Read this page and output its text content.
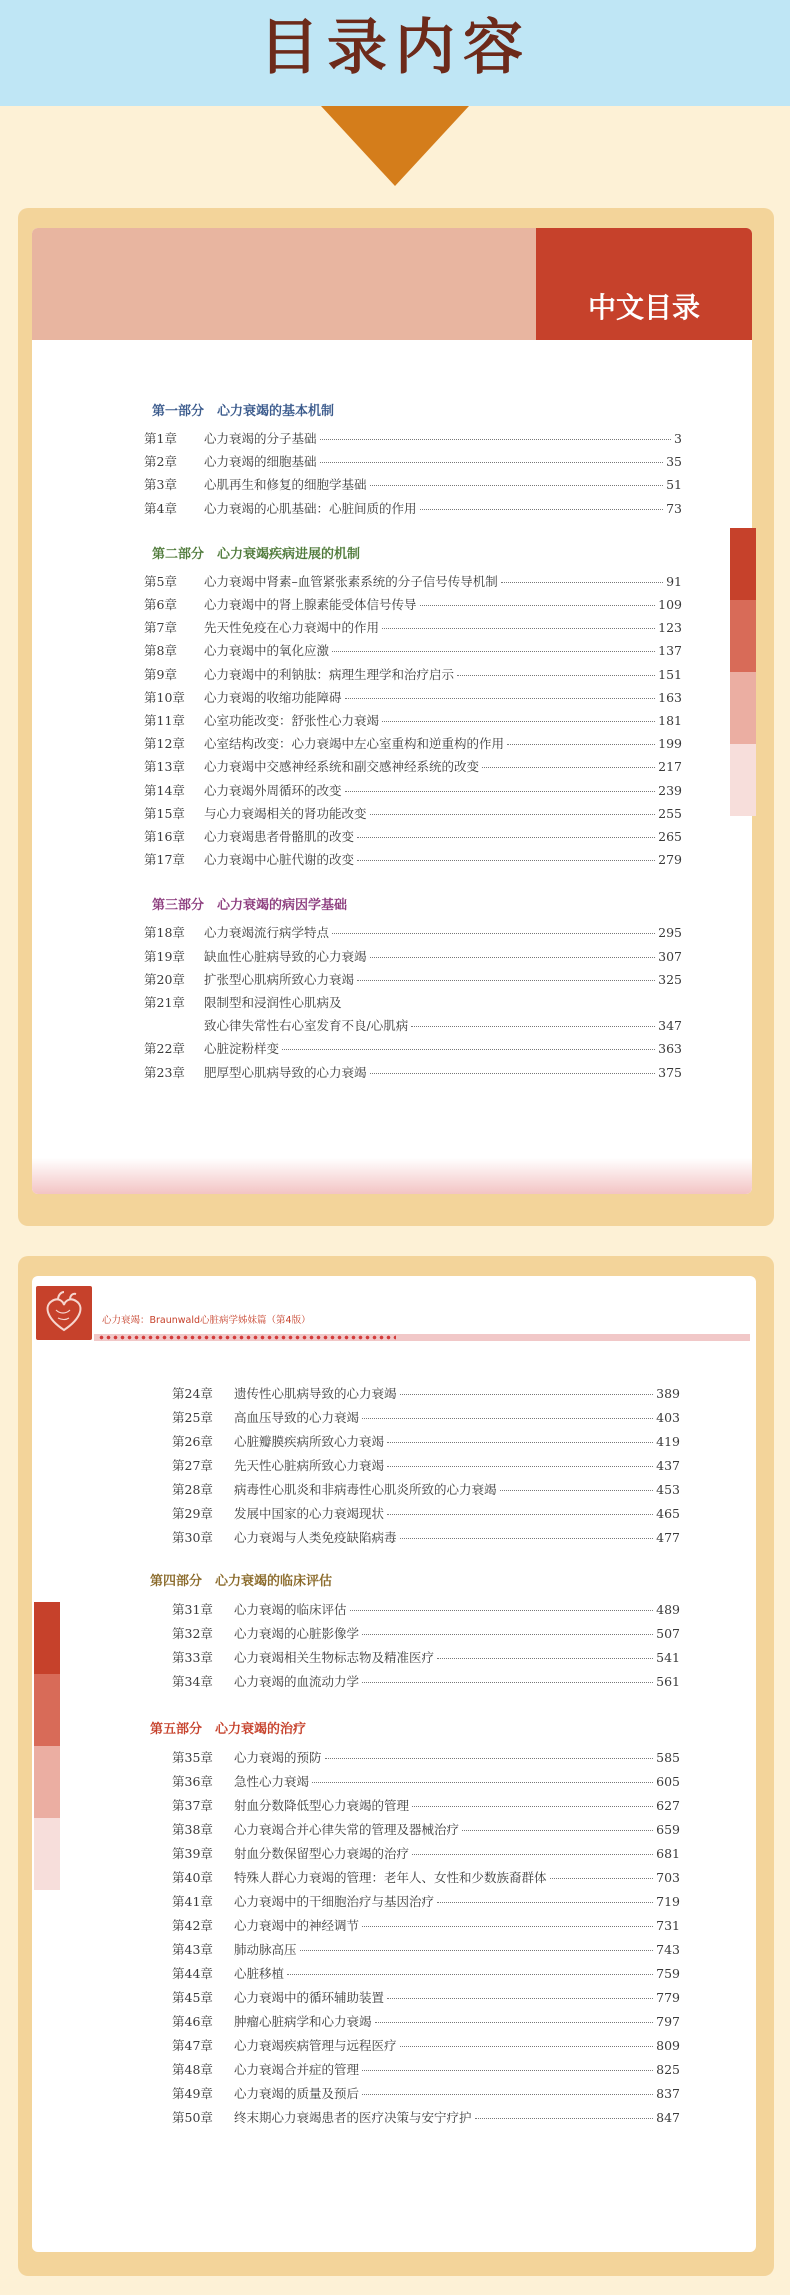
目录内容
中文目录
第一部分　心力衰竭的基本机制
第1章	心力衰竭的分子基础	3
第2章	心力衰竭的细胞基础	35
第3章	心肌再生和修复的细胞学基础	51
第4章	心力衰竭的心肌基础：心脏间质的作用	73
第二部分　心力衰竭疾病进展的机制
第5章	心力衰竭中肾素–血管紧张素系统的分子信号传导机制	91
第6章	心力衰竭中的肾上腺素能受体信号传导	109
第7章	先天性免疫在心力衰竭中的作用	123
第8章	心力衰竭中的氧化应激	137
第9章	心力衰竭中的利钠肽：病理生理学和治疗启示	151
第10章	心力衰竭的收缩功能障碍	163
第11章	心室功能改变：舒张性心力衰竭	181
第12章	心室结构改变：心力衰竭中左心室重构和逆重构的作用	199
第13章	心力衰竭中交感神经系统和副交感神经系统的改变	217
第14章	心力衰竭外周循环的改变	239
第15章	与心力衰竭相关的肾功能改变	255
第16章	心力衰竭患者骨骼肌的改变	265
第17章	心力衰竭中心脏代谢的改变	279
第三部分　心力衰竭的病因学基础
第18章	心力衰竭流行病学特点	295
第19章	缺血性心脏病导致的心力衰竭	307
第20章	扩张型心肌病所致心力衰竭	325
第21章	限制型和浸润性心肌病及
致心律失常性右心室发育不良/心肌病	347
第22章	心脏淀粉样变	363
第23章	肥厚型心肌病导致的心力衰竭	375
心力衰竭：Braunwald心脏病学姊妹篇（第4版）
第24章	遗传性心肌病导致的心力衰竭	389
第25章	高血压导致的心力衰竭	403
第26章	心脏瓣膜疾病所致心力衰竭	419
第27章	先天性心脏病所致心力衰竭	437
第28章	病毒性心肌炎和非病毒性心肌炎所致的心力衰竭	453
第29章	发展中国家的心力衰竭现状	465
第30章	心力衰竭与人类免疫缺陷病毒	477
第四部分　心力衰竭的临床评估
第31章	心力衰竭的临床评估	489
第32章	心力衰竭的心脏影像学	507
第33章	心力衰竭相关生物标志物及精准医疗	541
第34章	心力衰竭的血流动力学	561
第五部分　心力衰竭的治疗
第35章	心力衰竭的预防	585
第36章	急性心力衰竭	605
第37章	射血分数降低型心力衰竭的管理	627
第38章	心力衰竭合并心律失常的管理及器械治疗	659
第39章	射血分数保留型心力衰竭的治疗	681
第40章	特殊人群心力衰竭的管理：老年人、女性和少数族裔群体	703
第41章	心力衰竭中的干细胞治疗与基因治疗	719
第42章	心力衰竭中的神经调节	731
第43章	肺动脉高压	743
第44章	心脏移植	759
第45章	心力衰竭中的循环辅助装置	779
第46章	肿瘤心脏病学和心力衰竭	797
第47章	心力衰竭疾病管理与远程医疗	809
第48章	心力衰竭合并症的管理	825
第49章	心力衰竭的质量及预后	837
第50章	终末期心力衰竭患者的医疗决策与安宁疗护	847
